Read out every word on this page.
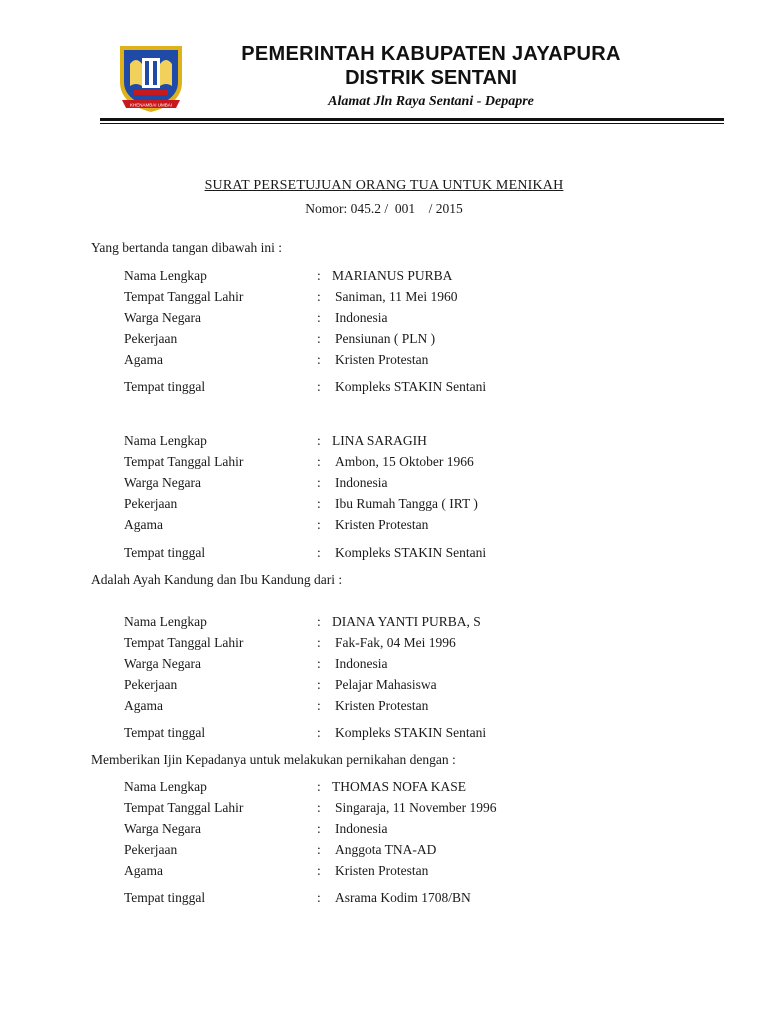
KHENAMBAI UMBAI
PEMERINTAH KABUPATEN JAYAPURA
DISTRIK SENTANI
Alamat Jln Raya Sentani - Depapre
SURAT PERSETUJUAN ORANG TUA UNTUK MENIKAH
Nomor: 045.2 /  001    / 2015
Yang bertanda tangan dibawah ini :
Nama Lengkap	: MARIANUS PURBA
Tempat Tanggal Lahir	: Saniman, 11 Mei 1960
Warga Negara	: Indonesia
Pekerjaan	: Pensiunan ( PLN )
Agama	: Kristen Protestan
Tempat tinggal	: Kompleks STAKIN Sentani
Nama Lengkap	: LINA SARAGIH
Tempat Tanggal Lahir	: Ambon, 15 Oktober 1966
Warga Negara	: Indonesia
Pekerjaan	: Ibu Rumah Tangga ( IRT )
Agama	: Kristen Protestan
Tempat tinggal	: Kompleks STAKIN Sentani
Adalah Ayah Kandung dan Ibu Kandung dari :
Nama Lengkap	: DIANA YANTI PURBA, S
Tempat Tanggal Lahir	: Fak-Fak, 04 Mei 1996
Warga Negara	: Indonesia
Pekerjaan	: Pelajar Mahasiswa
Agama	: Kristen Protestan
Tempat tinggal	: Kompleks STAKIN Sentani
Memberikan Ijin Kepadanya untuk melakukan pernikahan dengan :
Nama Lengkap	: THOMAS NOFA KASE
Tempat Tanggal Lahir	: Singaraja, 11 November 1996
Warga Negara	: Indonesia
Pekerjaan	: Anggota TNA-AD
Agama	: Kristen Protestan
Tempat tinggal	: Asrama Kodim 1708/BN
